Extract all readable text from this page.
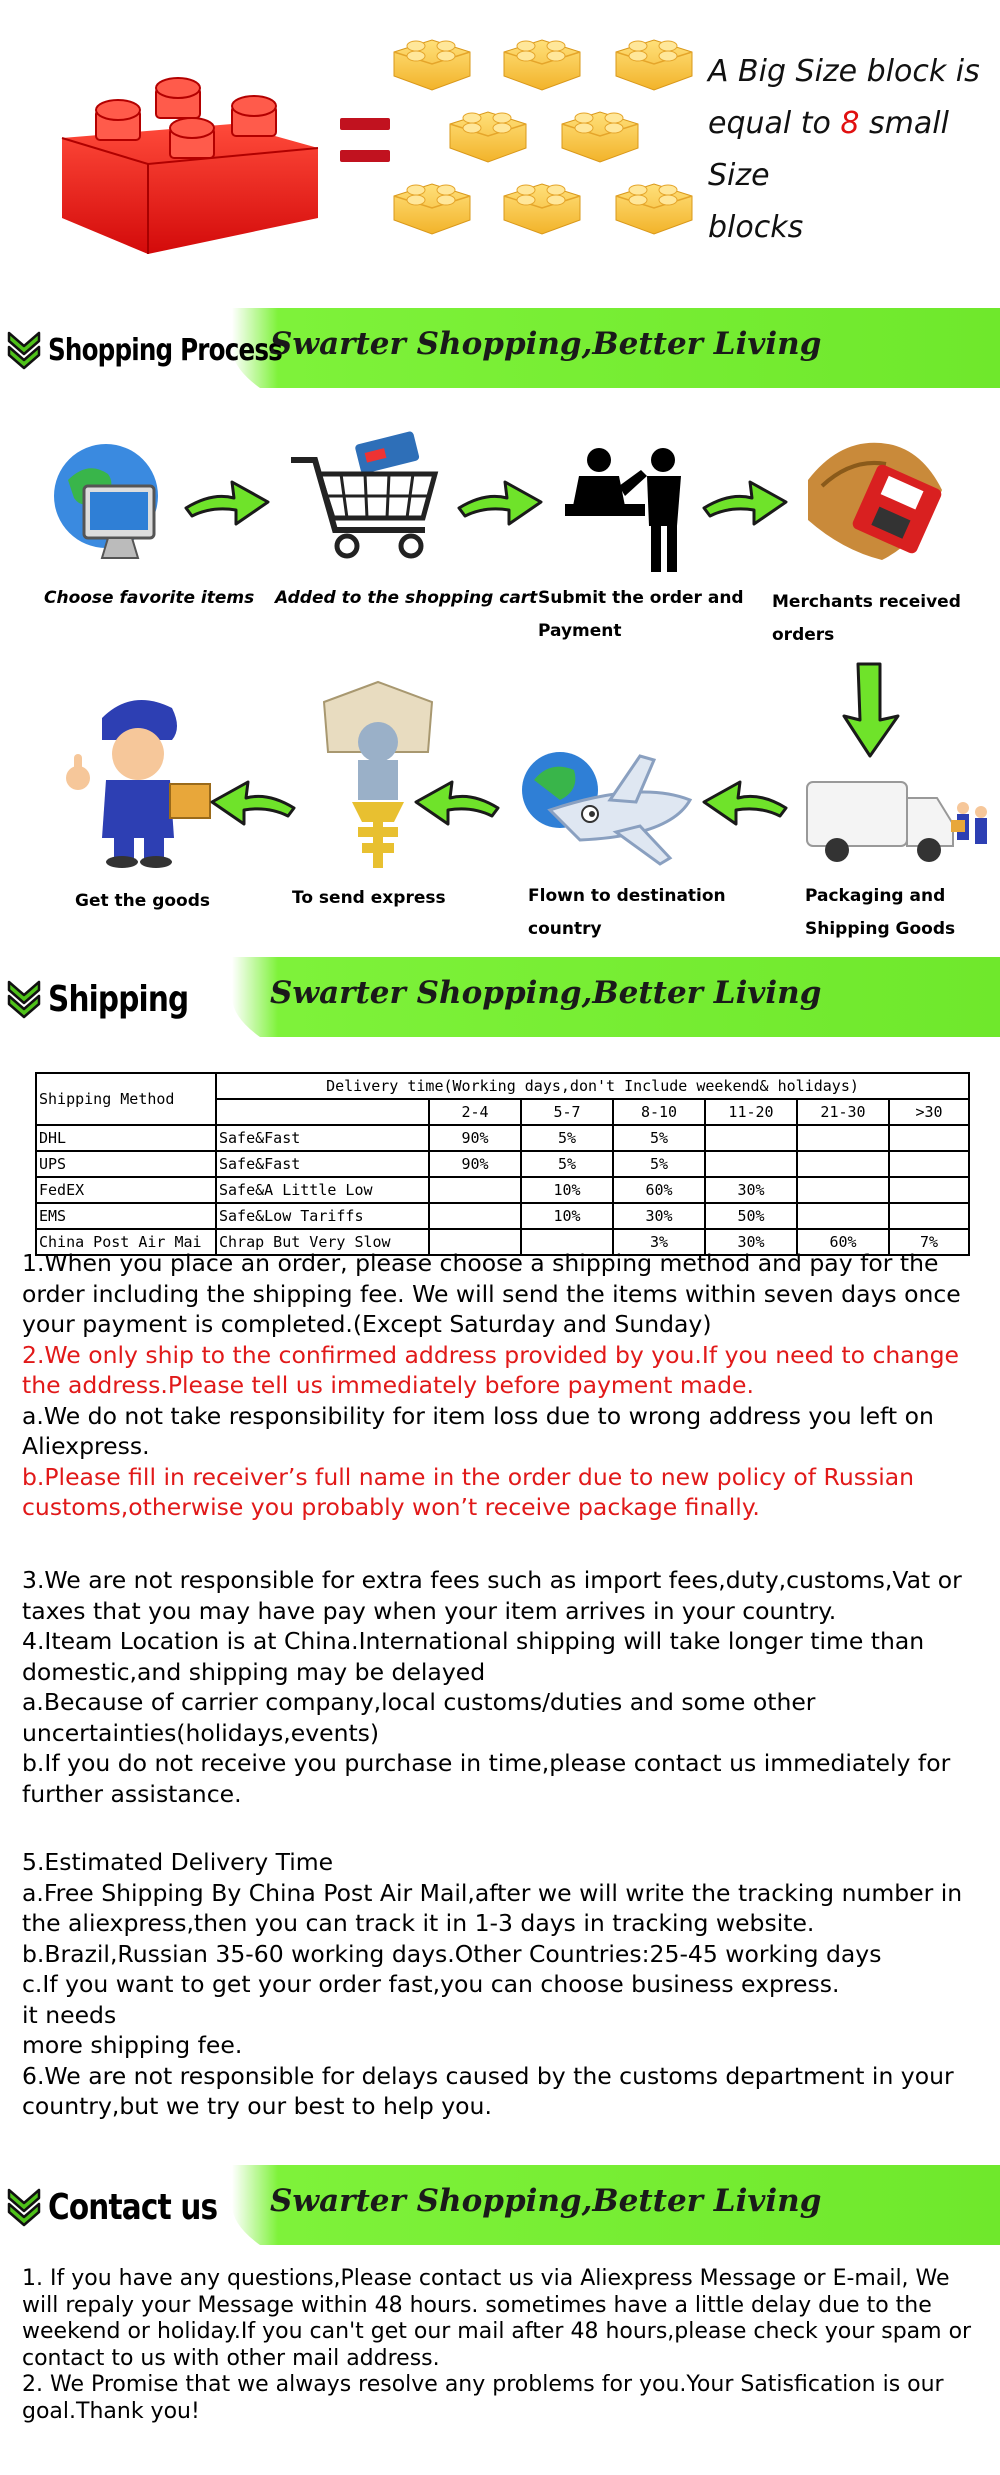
A Big Size block is
equal to 8 small Size
blocks
Shopping Process
Swarter Shopping,Better Living
Choose favorite items Added to the shopping cart Submit the order and
Payment
Merchants received
orders
Get the goods	To send express	Flown to destination
country
Packaging and
Shipping Goods
Shipping	Swarter Shopping,Better Living
Shipping Method	Delivery time(Working days,don't Include weekend& holidays)						
		2-4	5-7	8-10	11-20	21-30	>30
DHL	Safe&Fast	90%	5%	5%			
UPS	Safe&Fast	90%	5%	5%			
FedEX	Safe&A Little Low		10%	60%	30%		
EMS	Safe&Low Tariffs		10%	30%	50%		
China Post Air Mai	Chrap But Very Slow			3%	30%	60%	7%

1.When you place an order, please choose a shipping method and pay for the order including the shipping fee. We will send the items within seven days once your payment is completed.(Except Saturday and Sunday)

2.We only ship to the confirmed address provided by you.If you need to change the address.Please tell us immediately before payment made.

a.We do not take responsibility for item loss due to wrong address you left on Aliexpress.

b.Please fill in receiver’s full name in the order due to new policy of Russian customs,otherwise you probably won’t receive package finally.

3.We are not responsible for extra fees such as import fees,duty,customs,Vat or taxes that you may have pay when your item arrives in your country.

4.Iteam Location is at China.International shipping will take longer time than domestic,and shipping may be delayed

a.Because of carrier company,local customs/duties and some other uncertainties(holidays,events)

b.If you do not receive you purchase in time,please contact us immediately for further assistance.

5.Estimated Delivery Time

a.Free Shipping By China Post Air Mail,after we will write the tracking number in the aliexpress,then you can track it in 1-3 days in tracking website.

b.Brazil,Russian 35-60 working days.Other Countries:25-45 working days

c.If you want to get your order fast,you can choose business express.

it needs

more shipping fee.

6.We are not responsible for delays caused by the customs department in your country,but we try our best to help you.

Contact us Swarter Shopping,Better Living

1. If you have any questions,Please contact us via Aliexpress Message or E-mail, We will repaly your Message within 48 hours. sometimes have a little delay due to the weekend or holiday.If you can't get our mail after 48 hours,please check your spam or contact to us with other mail address.

2. We Promise that we always resolve any problems for you.Your Satisfication is our goal.Thank you!
